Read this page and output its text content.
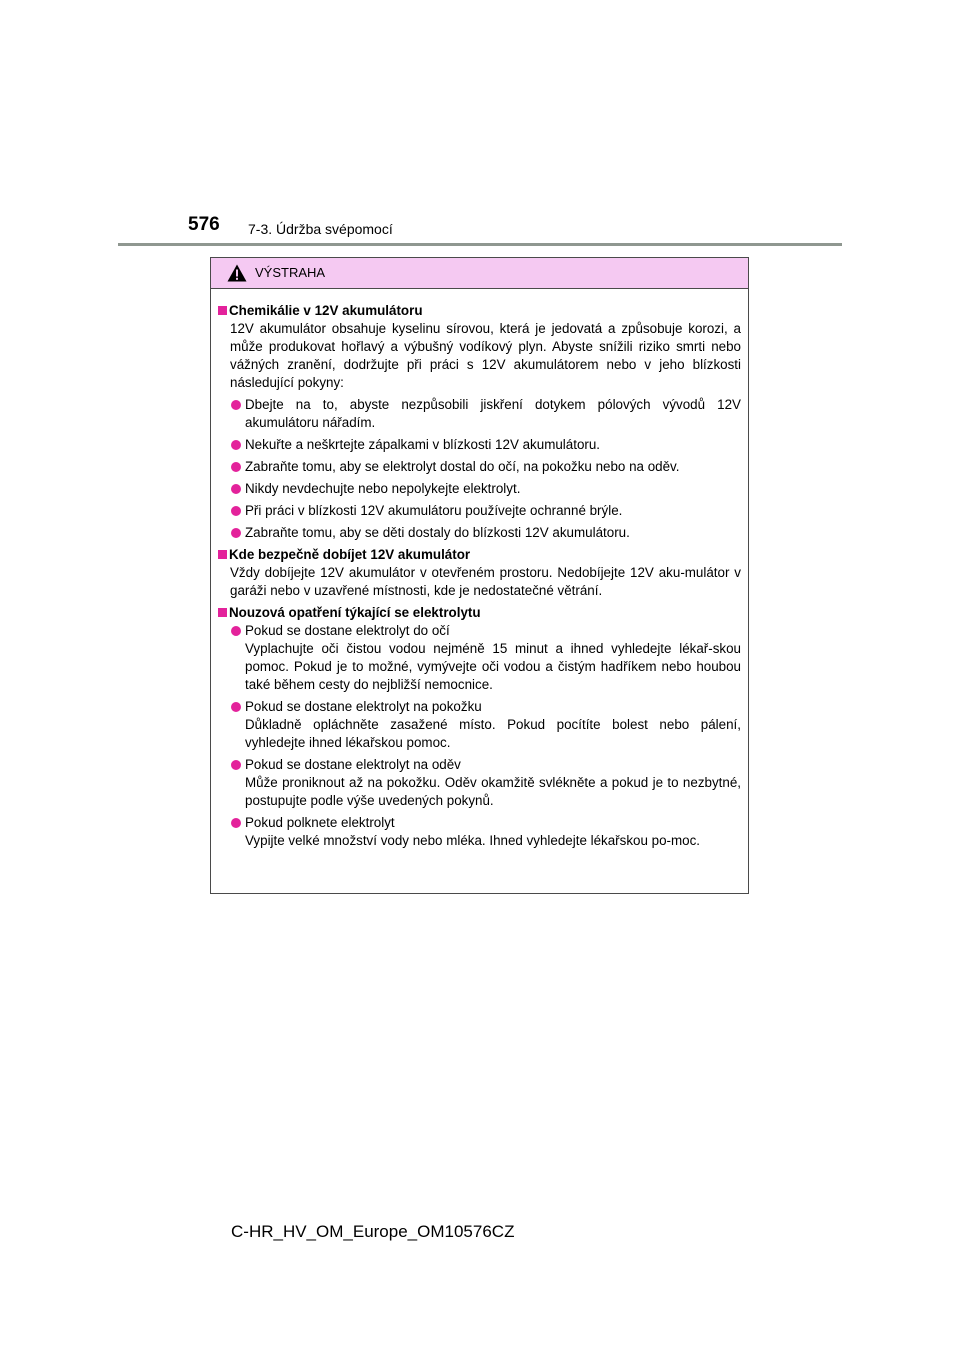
576 7-3. Údržba svépomocí
VÝSTRAHA
Chemikálie v 12V akumulátoru
12V akumulátor obsahuje kyselinu sírovou, která je jedovatá a způsobuje korozi, a může produkovat hořlavý a výbušný vodíkový plyn. Abyste snížili riziko smrti nebo vážných zranění, dodržujte při práci s 12V akumulátorem nebo v jeho blízkosti následující pokyny:
Dbejte na to, abyste nezpůsobili jiskření dotykem pólových vývodů 12V akumulátoru nářadím.
Nekuřte a neškrtejte zápalkami v blízkosti 12V akumulátoru.
Zabraňte tomu, aby se elektrolyt dostal do očí, na pokožku nebo na oděv.
Nikdy nevdechujte nebo nepolykejte elektrolyt.
Při práci v blízkosti 12V akumulátoru používejte ochranné brýle.
Zabraňte tomu, aby se děti dostaly do blízkosti 12V akumulátoru.
Kde bezpečně dobíjet 12V akumulátor
Vždy dobíjejte 12V akumulátor v otevřeném prostoru. Nedobíjejte 12V aku-mulátor v garáži nebo v uzavřené místnosti, kde je nedostatečné větrání.
Nouzová opatření týkající se elektrolytu
Pokud se dostane elektrolyt do očí
Vyplachujte oči čistou vodou nejméně 15 minut a ihned vyhledejte lékař-skou pomoc. Pokud je to možné, vymývejte oči vodou a čistým hadříkem nebo houbou také během cesty do nejbližší nemocnice.
Pokud se dostane elektrolyt na pokožku
Důkladně opláchněte zasažené místo. Pokud pocítíte bolest nebo pálení, vyhledejte ihned lékařskou pomoc.
Pokud se dostane elektrolyt na oděv
Může proniknout až na pokožku. Oděv okamžitě svlékněte a pokud je to nezbytné, postupujte podle výše uvedených pokynů.
Pokud polknete elektrolyt
Vypijte velké množství vody nebo mléka. Ihned vyhledejte lékařskou po-moc.
C-HR_HV_OM_Europe_OM10576CZ
